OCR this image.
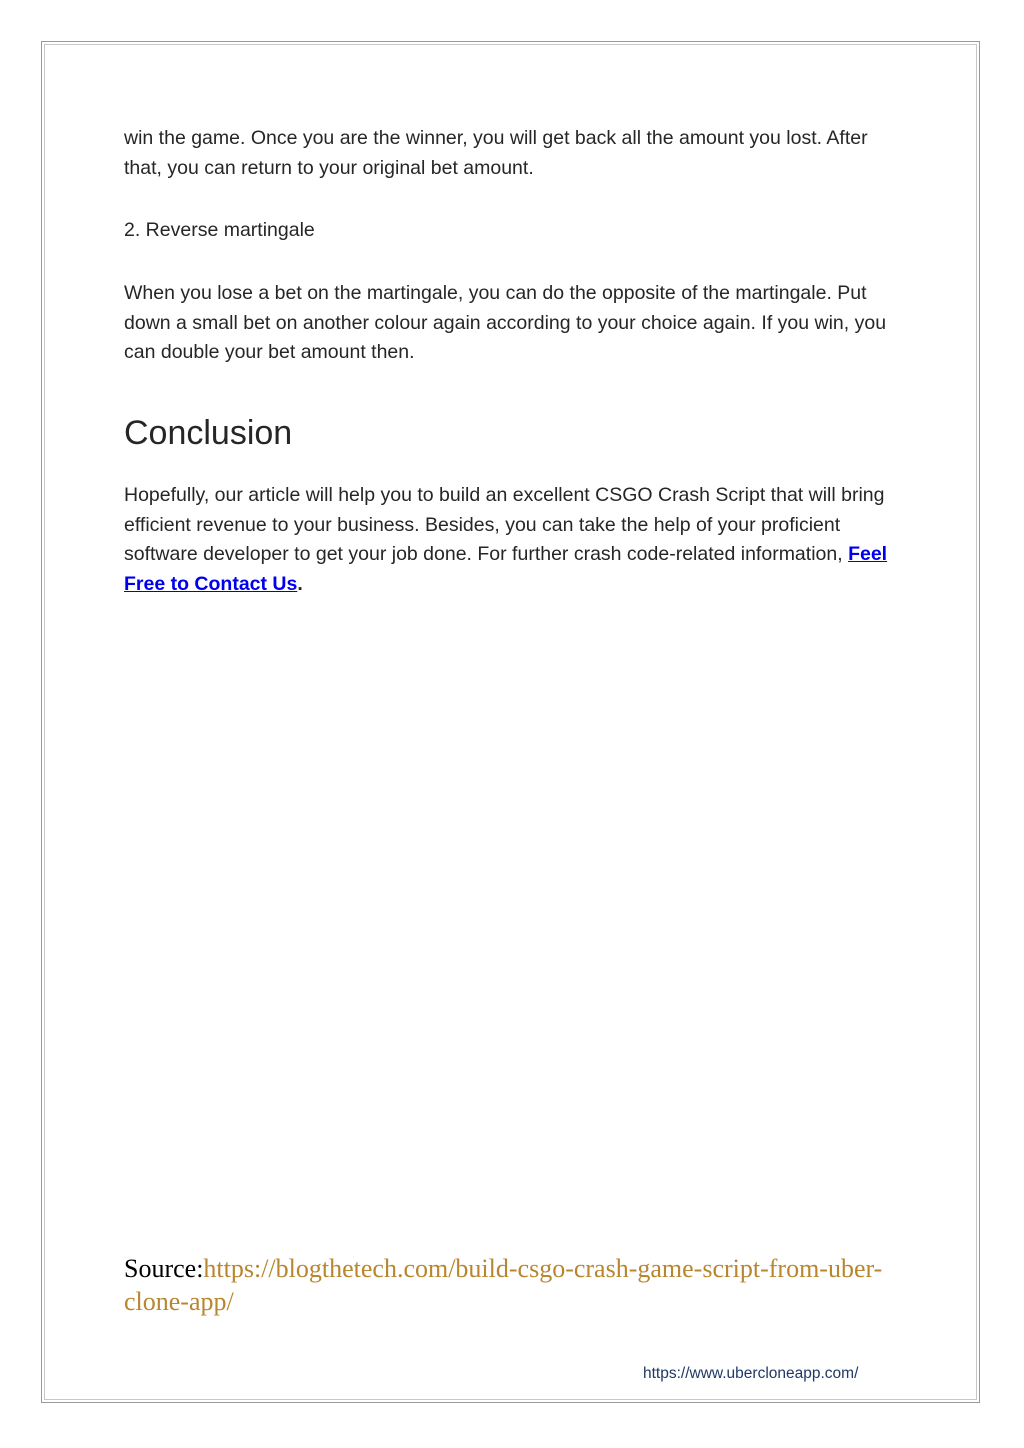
win the game. Once you are the winner, you will get back all the amount you lost. After that, you can return to your original bet amount.

2. Reverse martingale

When you lose a bet on the martingale, you can do the opposite of the martingale. Put down a small bet on another colour again according to your choice again. If you win, you can double your bet amount then.

Conclusion

Hopefully, our article will help you to build an excellent CSGO Crash Script that will bring efficient revenue to your business. Besides, you can take the help of your proficient software developer to get your job done. For further crash code-related information, Feel Free to Contact Us.

Source:https://blogthetech.com/build-csgo-crash-game-script-from-uber-clone-app/
https://www.ubercloneapp.com/
